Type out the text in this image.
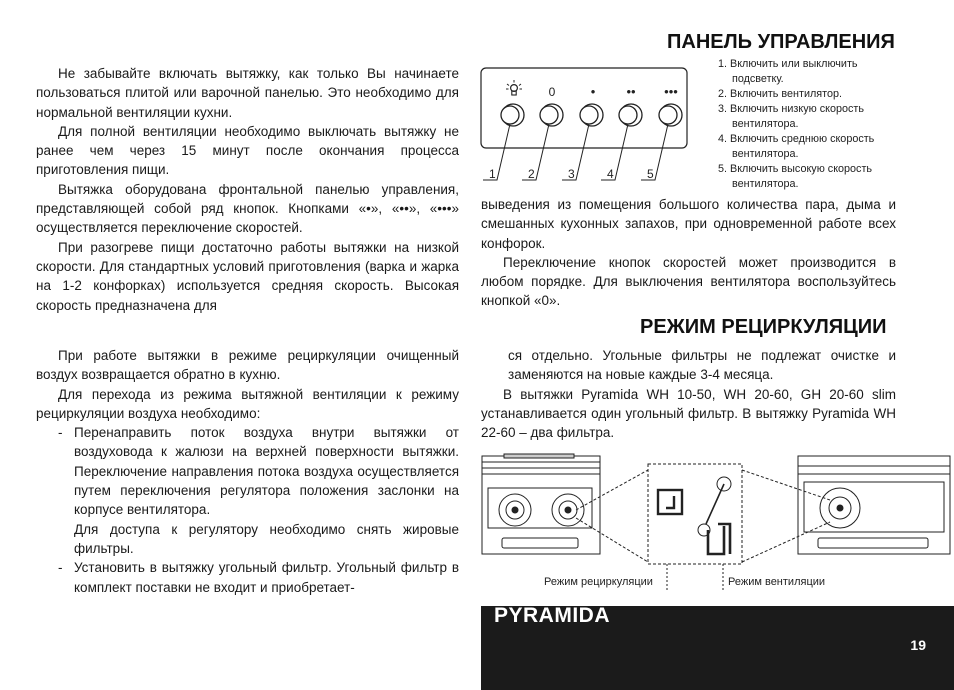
ПАНЕЛЬ УПРАВЛЕНИЯ
РЕЖИМ РЕЦИРКУЛЯЦИИ

Не забывайте включать вытяжку, как только Вы начинаете пользоваться плитой или варочной панелью. Это необходимо для нормальной вентиляции кухни.

Для полной вентиляции необходимо выключать вытяжку не ранее чем через 15 минут после окончания процесса приготовления пищи.

Вытяжка оборудована фронтальной панелью управления, представляющей собой ряд кнопок. Кнопками «•», «••», «•••» осуществляется переключение скоростей.

При разогреве пищи достаточно работы вытяжки на низкой скорости. Для стандартных условий приготовления (варка и жарка на 1-2 конфорках) используется средняя скорость. Высокая скорость предназначена для

0	• •• •••
1	2	3	4	5
1. Включить или выключить
подсветку.
2. Включить вентилятор.
3. Включить низкую скорость
вентилятора.
4. Включить среднюю скорость
вентилятора.
5. Включить высокую скорость
вентилятора.

выведения из помещения большого количества пара, дыма и смешанных кухонных запахов, при одновременной работе всех конфорок.

Переключение кнопок скоростей может производится в любом порядке. Для выключения вентилятора воспользуйтесь кнопкой «0».

При работе вытяжки в режиме рециркуляции очищенный воздух возвращается обратно в кухню.

Для перехода из режима вытяжной вентиляции к режиму рециркуляции воздуха необходимо:

- Перенаправить поток воздуха внутри вытяжки от воздуховода к жалюзи на верхней поверхности вытяжки. Переключение направления потока воздуха осуществляется путем переключения регулятора положения заслонки на корпусе вентилятора.
Для доступа к регулятору необходимо снять жировые фильтры.
- Установить в вытяжку угольный фильтр. Угольный фильтр в комплект поставки не входит и приобретает-

ся отдельно. Угольные фильтры не подлежат очистке и заменяются на новые каждые 3-4 месяца.

В вытяжки Pyramida WH 10-50, WH 20-60, GH 20-60 slim устанавливается один угольный фильтр. В вытяжку Pyramida WH 22-60 – два фильтра.

Режим рециркуляции	Режим вентиляции
PYRAMIDA
19
